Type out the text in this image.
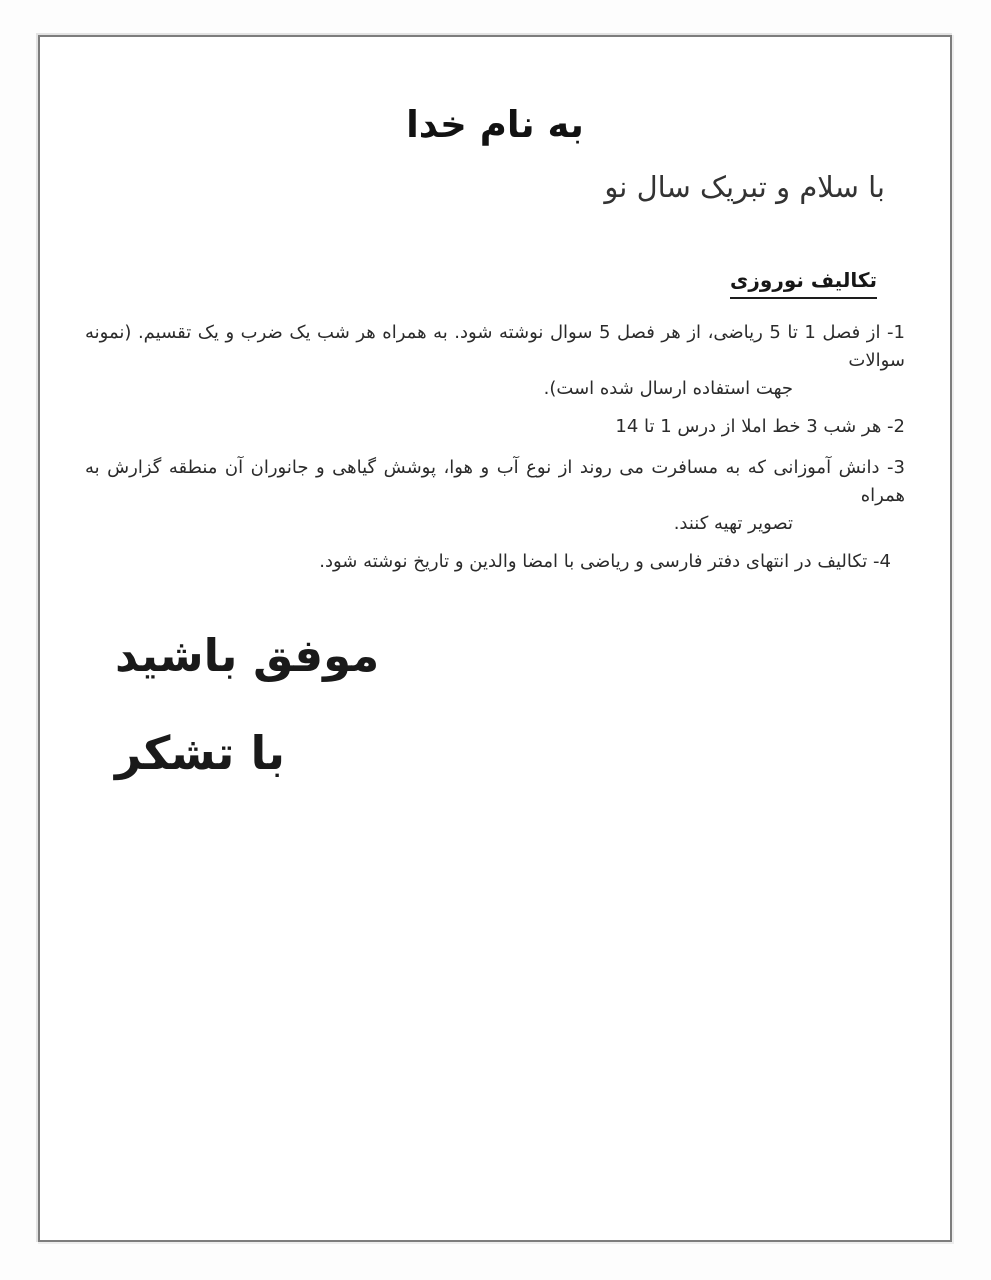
به نام خدا
با سلام و تبریک سال نو
تکالیف نوروزی
1- از فصل 1 تا 5 ریاضی، از هر فصل 5 سوال نوشته شود. به همراه هر شب یک ضرب و یک تقسیم. (نمونه سوالات
جهت استفاده ارسال شده است).
2- هر شب 3 خط املا از درس 1 تا 14
3- دانش آموزانی که به مسافرت می روند از نوع آب و هوا، پوشش گیاهی و جانوران آن منطقه گزارش به همراه
تصویر تهیه کنند.
4- تکالیف در انتهای دفتر فارسی و ریاضی با امضا والدین و تاریخ نوشته شود.
موفق باشید
با تشکر
